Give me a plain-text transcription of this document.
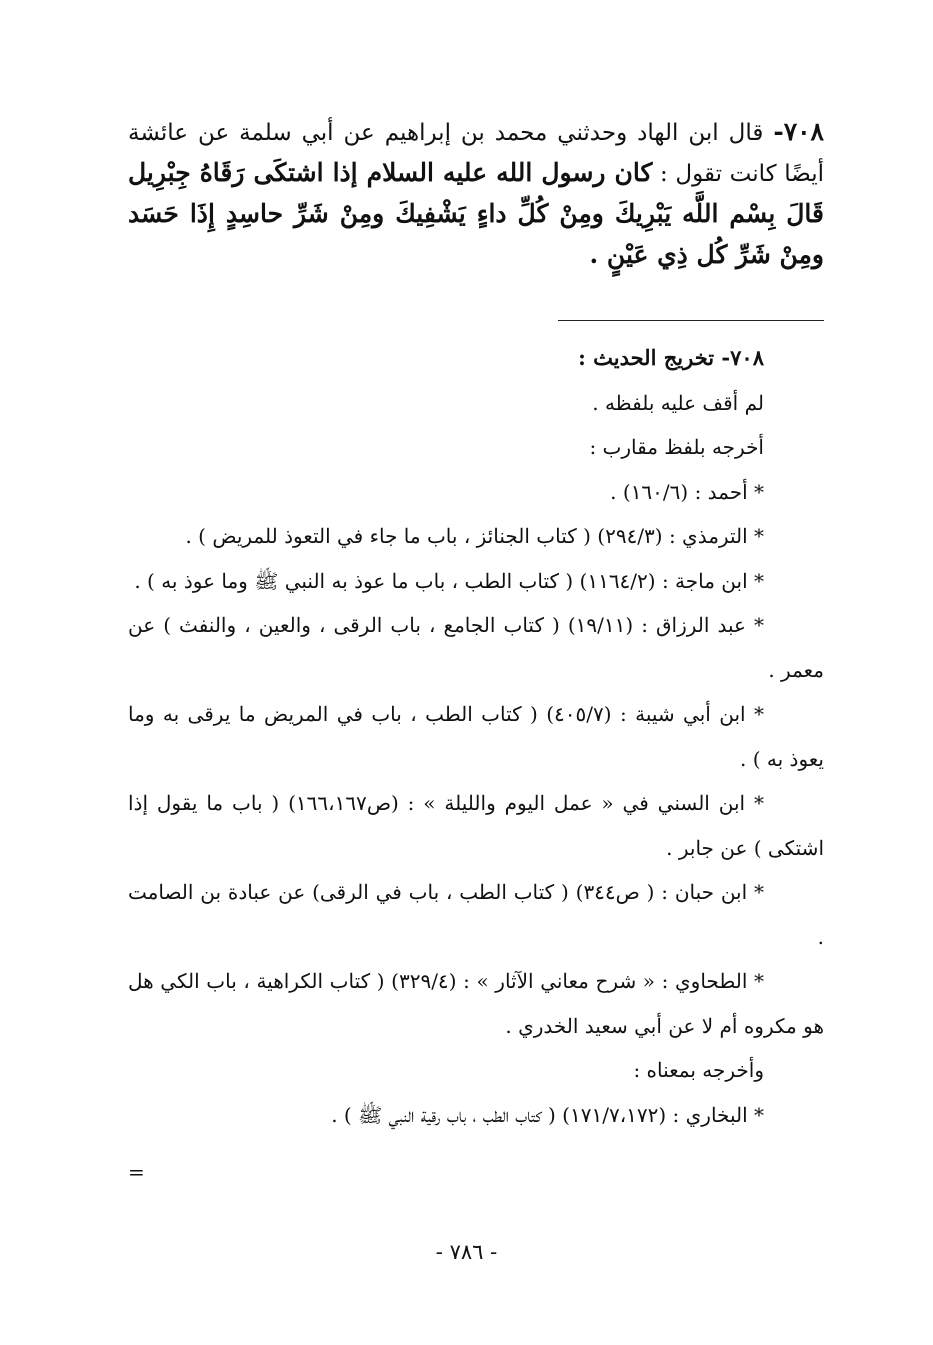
٧٠٨- قال ابن الهاد وحدثني محمد بن إبراهيم عن أبي سلمة عن عائشة أيضًا كانت تقول : كان رسول الله عليه السلام إذا اشتكَى رَقَاهُ جِبْرِيل قَالَ بِسْم اللَّه يَبْرِيكَ ومِنْ كُلِّ داءٍ يَشْفِيكَ ومِنْ شَرِّ حاسِدٍ إِذَا حَسَد ومِنْ شَرِّ كُل ذِي عَيْنٍ .
٧٠٨- تخريج الحديث :
لم أقف عليه بلفظه .
أخرجه بلفظ مقارب :
* أحمد : (١٦٠/٦) .
* الترمذي : (٢٩٤/٣) ( كتاب الجنائز ، باب ما جاء في التعوذ للمريض ) .
* ابن ماجة : (١١٦٤/٢) ( كتاب الطب ، باب ما عوذ به النبي ﷺ وما عوذ به ) .
* عبد الرزاق : (١٩/١١) ( كتاب الجامع ، باب الرقى ، والعين ، والنفث ) عن معمر .
* ابن أبي شيبة : (٤٠٥/٧) ( كتاب الطب ، باب في المريض ما يرقى به وما يعوذ به ) .
* ابن السني في « عمل اليوم والليلة » : (ص١٦٦،١٦٧) ( باب ما يقول إذا اشتكى ) عن جابر .
* ابن حبان : ( ص٣٤٤) ( كتاب الطب ، باب في الرقى) عن عبادة بن الصامت .
* الطحاوي : « شرح معاني الآثار » : (٣٢٩/٤) ( كتاب الكراهية ، باب الكي هل هو مكروه أم لا عن أبي سعيد الخدري .
وأخرجه بمعناه :
* البخاري : (١٧١/٧،١٧٢) ( كتاب الطب ، باب رقية النبي ﷺ ) .
=
- ٧٨٦ -
